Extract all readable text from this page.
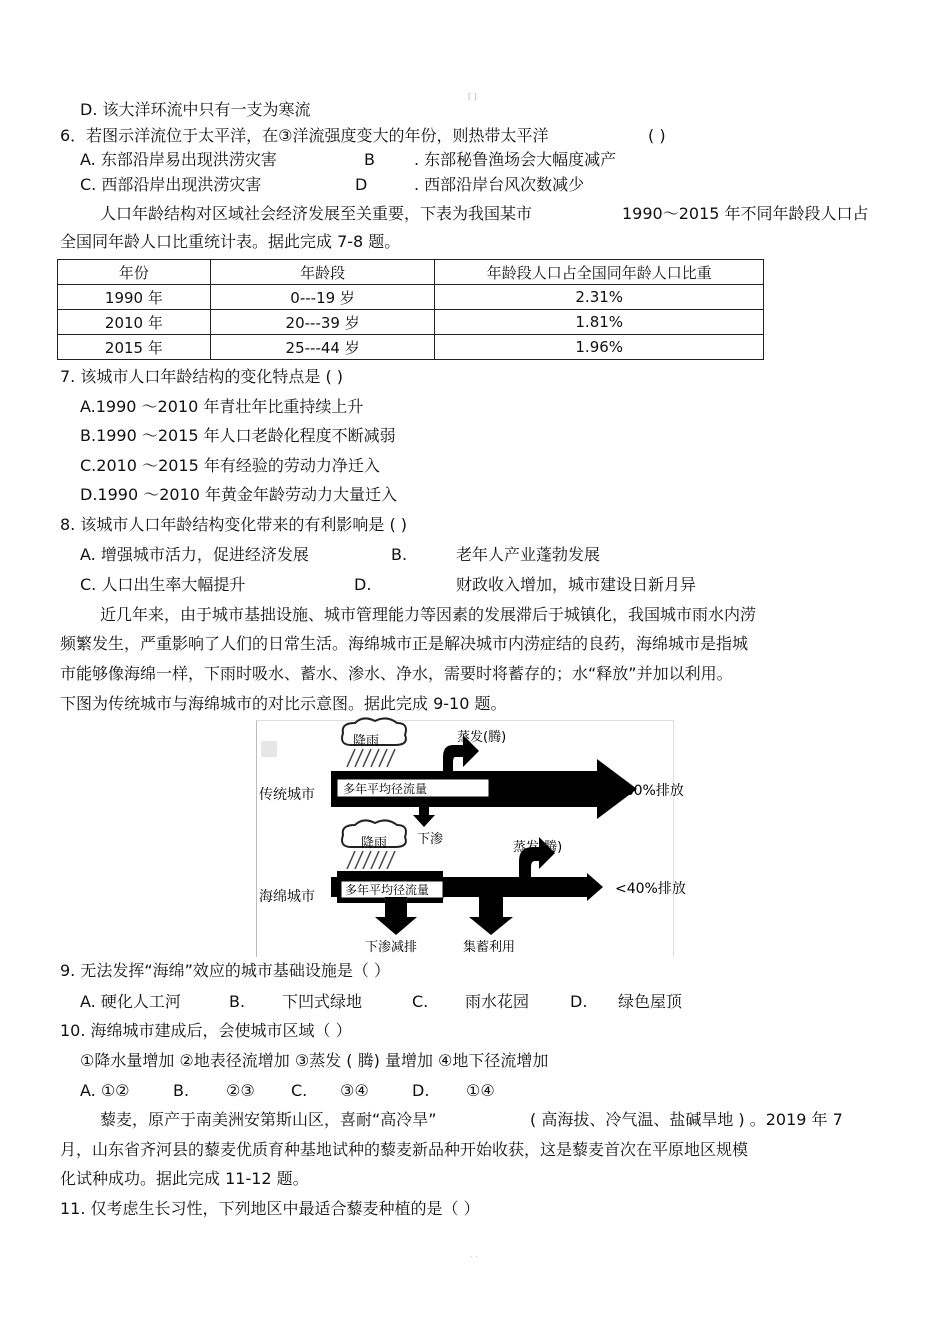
[ ]
. .
D. 该大洋环流中只有一支为寒流
6．若图示洋流位于太平洋，在③洋流强度变大的年份，则热带太平洋	( )
A. 东部沿岸易出现洪涝灾害	B . 东部秘鲁渔场会大幅度减产
C. 西部沿岸出现洪涝灾害	D	. 西部沿岸台风次数减少
人口年龄结构对区域社会经济发展至关重要，下表为我国某市	1990～2015 年不同年龄段人口占
全国同年龄人口比重统计表。据此完成 7-8 题。
年份	年龄段	年龄段人口占全国同年龄人口比重
1990 年	0---19 岁	2.31%
2010 年	20---39 岁	1.81%
2015 年	25---44 岁	1.96%
7. 该城市人口年龄结构的变化特点是 ( )
A.1990 ～2010 年青壮年比重持续上升
B.1990 ～2015 年人口老龄化程度不断减弱
C.2010 ～2015 年有经验的劳动力净迁入
D.1990 ～2010 年黄金年龄劳动力大量迁入
8. 该城市人口年龄结构变化带来的有利影响是 ( )
A. 增强城市活力，促进经济发展	B.	老年人产业蓬勃发展
C. 人口出生率大幅提升	D.	财政收入增加，城市建设日新月异
近几年来，由于城市基拙设施、城市管理能力等因素的发展滞后于城镇化，我国城市雨水内涝
频繁发生，严重影响了人们的日常生活。海绵城市正是解决城市内涝症结的良药，海绵城市是指城
市能够像海绵一样，下雨时吸水、蓄水、渗水、净水，需要时将蓄存的；水“释放”并加以利用。
下图为传统城市与海绵城市的对比示意图。据此完成 9-10 题。
传统城市
降雨	蒸发(腾)
多年平均径流量	>80%排放
下渗
海绵城市
降雨	蒸发(腾)
多年平均径流量	<40%排放
下渗减排	集蓄利用
9. 无法发挥“海绵”效应的城市基础设施是（ ）
A. 硬化人工河	B. 下凹式绿地	C. 雨水花园	D. 绿色屋顶
10. 海绵城市建成后，会使城市区域（ ）
①降水量增加 ②地表径流增加 ③蒸发 ( 腾) 量增加 ④地下径流增加
A. ①②	B. ②③ C. ③④	D. ①④
藜麦，原产于南美洲安第斯山区，喜耐“高冷旱”	( 高海拔、冷气温、盐碱旱地 ) 。2019 年 7
月，山东省齐河县的藜麦优质育种基地试种的藜麦新品种开始收获，这是藜麦首次在平原地区规模
化试种成功。据此完成 11-12 题。
11. 仅考虑生长习性，下列地区中最适合藜麦种植的是（ ）
